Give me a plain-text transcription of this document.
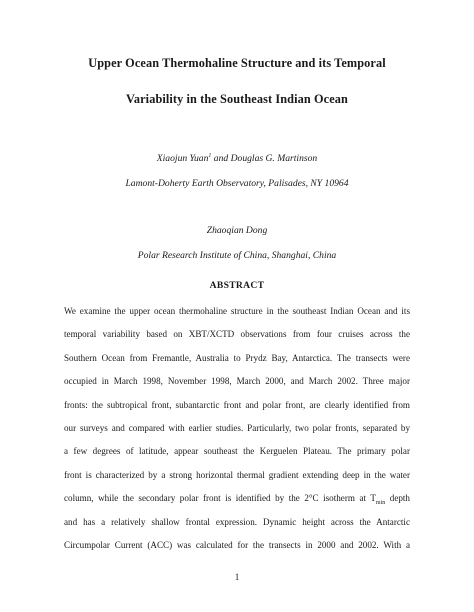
Upper Ocean Thermohaline Structure and its Temporal
Variability in the Southeast Indian Ocean
Xiaojun Yuan$^1$ and Douglas G. Martinson
Lamont-Doherty Earth Observatory, Palisades, NY 10964
Zhaoqian Dong
Polar Research Institute of China, Shanghai, China
ABSTRACT
We examine the upper ocean thermohaline structure in the southeast Indian Ocean and its
temporal variability based on XBT/XCTD observations from four cruises across the
Southern Ocean from Fremantle, Australia to Prydz Bay, Antarctica. The transects were
occupied in March 1998, November 1998, March 2000, and March 2002. Three major
fronts: the subtropical front, subantarctic front and polar front, are clearly identified from
our surveys and compared with earlier studies. Particularly, two polar fronts, separated by
a few degrees of latitude, appear southeast the Kerguelen Plateau. The primary polar
front is characterized by a strong horizontal thermal gradient extending deep in the water
column, while the secondary polar front is identified by the 2°C isotherm at $T_{min}$ depth
and has a relatively shallow frontal expression. Dynamic height across the Antarctic
Circumpolar Current (ACC) was calculated for the transects in 2000 and 2002. With a
1
